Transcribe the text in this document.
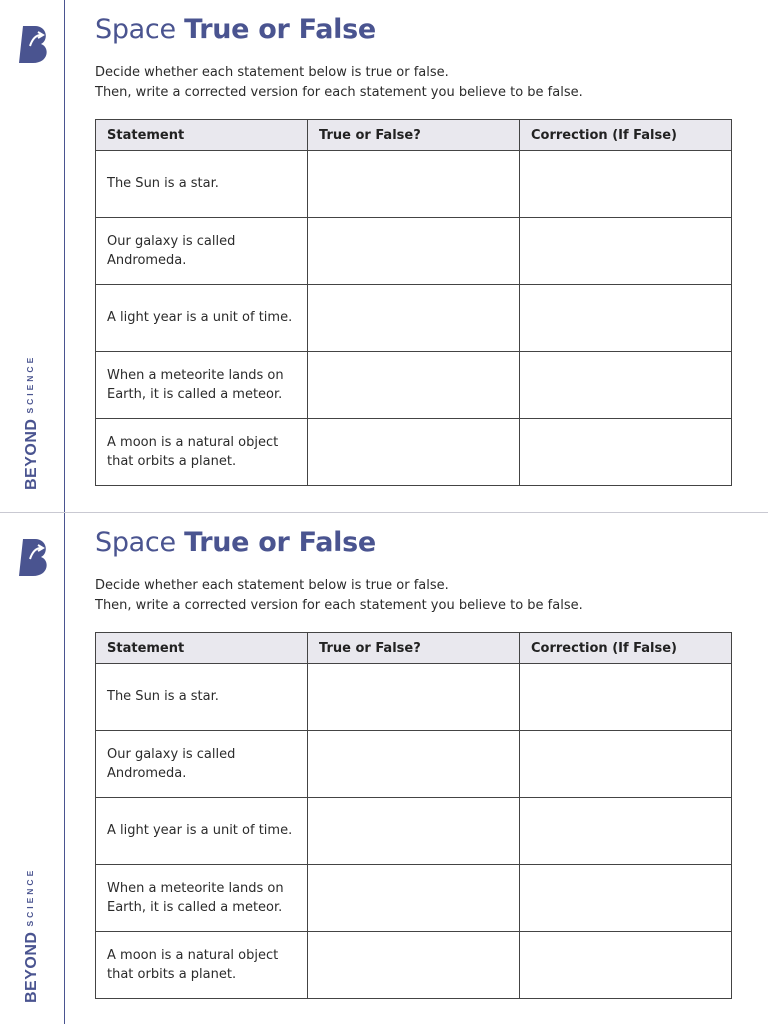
BEYONDSCIENCE
Space True or False
Decide whether each statement below is true or false.
Then, write a corrected version for each statement you believe to be false.
Statement	True or False?	Correction (If False)
The Sun is a star.		
Our galaxy is called Andromeda.		
A light year is a unit of time.		
When a meteorite lands on Earth, it is called a meteor.		
A moon is a natural object that orbits a planet.		
BEYONDSCIENCE
Space True or False
Decide whether each statement below is true or false.
Then, write a corrected version for each statement you believe to be false.
Statement	True or False?	Correction (If False)
The Sun is a star.		
Our galaxy is called Andromeda.		
A light year is a unit of time.		
When a meteorite lands on Earth, it is called a meteor.		
A moon is a natural object that orbits a planet.		
